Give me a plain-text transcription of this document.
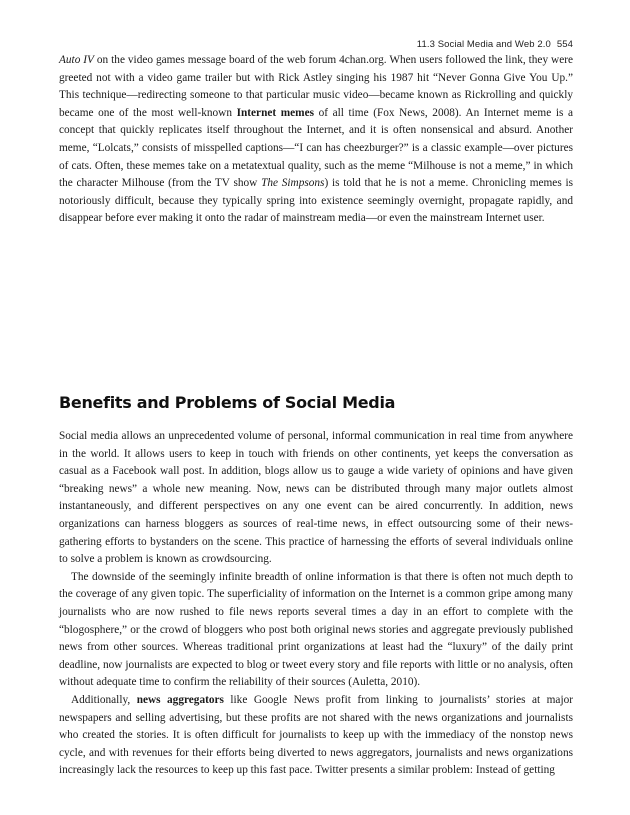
11.3 Social Media and Web 2.0 554

Auto IV on the video games message board of the web forum 4chan.org. When users followed the link, they were greeted not with a video game trailer but with Rick Astley singing his 1987 hit “Never Gonna Give You Up.” This technique—redirecting someone to that particular music video—became known as Rickrolling and quickly became one of the most well-known Internet memes of all time (Fox News, 2008). An Internet meme is a concept that quickly replicates itself throughout the Internet, and it is often nonsensical and absurd. Another meme, “Lolcats,” consists of misspelled captions—“I can has cheezburger?” is a classic example—over pictures of cats. Often, these memes take on a metatextual quality, such as the meme “Milhouse is not a meme,” in which the character Milhouse (from the TV show The Simpsons) is told that he is not a meme. Chronicling memes is notoriously difficult, because they typically spring into existence seemingly overnight, propagate rapidly, and disappear before ever making it onto the radar of mainstream media—or even the mainstream Internet user.

Benefits and Problems of Social Media

Social media allows an unprecedented volume of personal, informal communication in real time from anywhere in the world. It allows users to keep in touch with friends on other continents, yet keeps the conversation as casual as a Facebook wall post. In addition, blogs allow us to gauge a wide variety of opinions and have given “breaking news” a whole new meaning. Now, news can be distributed through many major outlets almost instantaneously, and different perspectives on any one event can be aired concurrently. In addition, news organizations can harness bloggers as sources of real-time news, in effect outsourcing some of their news-gathering efforts to bystanders on the scene. This practice of harnessing the efforts of several individuals online to solve a problem is known as crowdsourcing.

The downside of the seemingly infinite breadth of online information is that there is often not much depth to the coverage of any given topic. The superficiality of information on the Internet is a common gripe among many journalists who are now rushed to file news reports several times a day in an effort to complete with the “blogosphere,” or the crowd of bloggers who post both original news stories and aggregate previously published news from other sources. Whereas traditional print organizations at least had the “luxury” of the daily print deadline, now journalists are expected to blog or tweet every story and file reports with little or no analysis, often without adequate time to confirm the reliability of their sources (Auletta, 2010).

Additionally, news aggregators like Google News profit from linking to journalists’ stories at major newspapers and selling advertising, but these profits are not shared with the news organizations and journalists who created the stories. It is often difficult for journalists to keep up with the immediacy of the nonstop news cycle, and with revenues for their efforts being diverted to news aggregators, journalists and news organizations increasingly lack the resources to keep up this fast pace. Twitter presents a similar problem: Instead of getting
